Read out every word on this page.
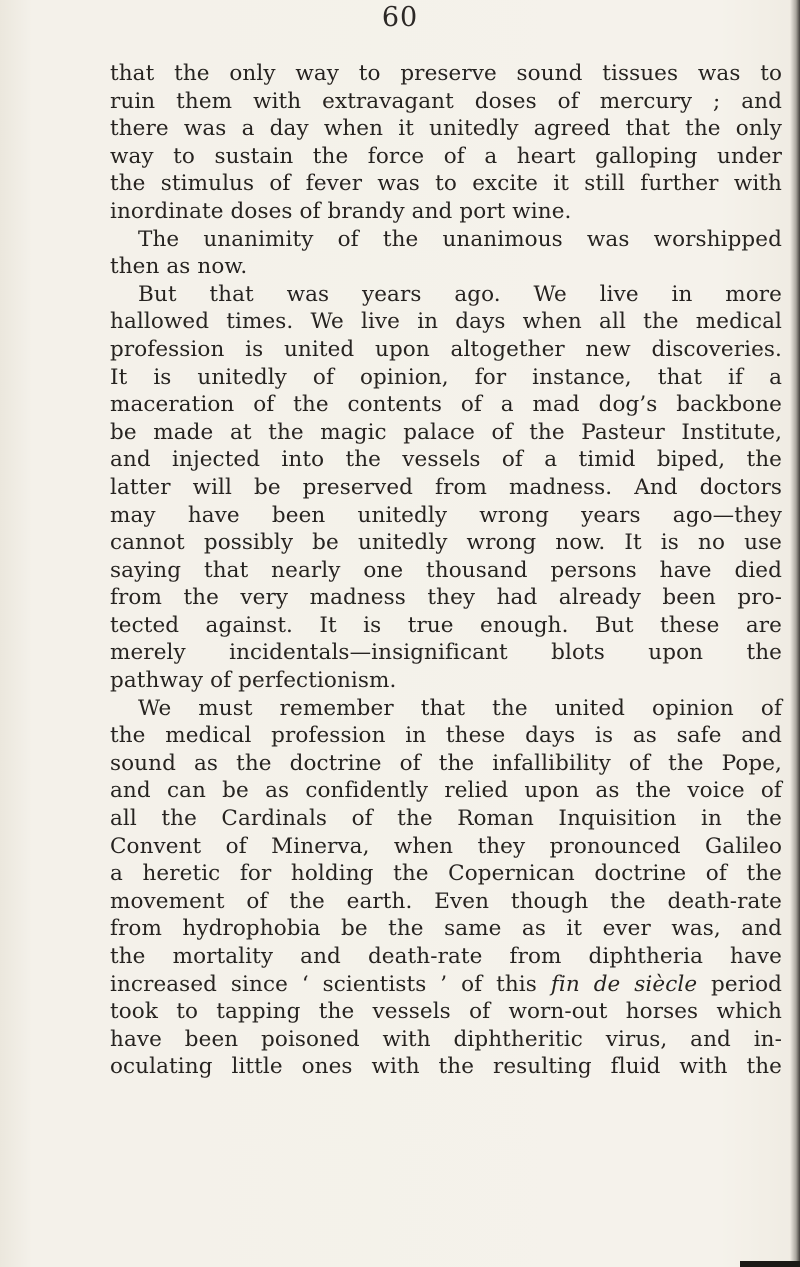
60
that the only way to preserve sound tissues was to
ruin them with extravagant doses of mercury ; and
there was a day when it unitedly agreed that the only
way to sustain the force of a heart galloping under
the stimulus of fever was to excite it still further with
inordinate doses of brandy and port wine.
The unanimity of the unanimous was worshipped
then as now.
But that was years ago. We live in more
hallowed times. We live in days when all the medical
profession is united upon altogether new discoveries.
It is unitedly of opinion, for instance, that if a
maceration of the contents of a mad dog’s backbone
be made at the magic palace of the Pasteur Institute,
and injected into the vessels of a timid biped, the
latter will be preserved from madness. And doctors
may have been unitedly wrong years ago—they
cannot possibly be unitedly wrong now. It is no use
saying that nearly one thousand persons have died
from the very madness they had already been pro-
tected against. It is true enough. But these are
merely incidentals—insignificant blots upon the
pathway of perfectionism.
We must remember that the united opinion of
the medical profession in these days is as safe and
sound as the doctrine of the infallibility of the Pope,
and can be as confidently relied upon as the voice of
all the Cardinals of the Roman Inquisition in the
Convent of Minerva, when they pronounced Galileo
a heretic for holding the Copernican doctrine of the
movement of the earth. Even though the death-rate
from hydrophobia be the same as it ever was, and
the mortality and death-rate from diphtheria have
increased since ‘ scientists ’ of this fin de siècle period
took to tapping the vessels of worn-out horses which
have been poisoned with diphtheritic virus, and in-
oculating little ones with the resulting fluid with the
